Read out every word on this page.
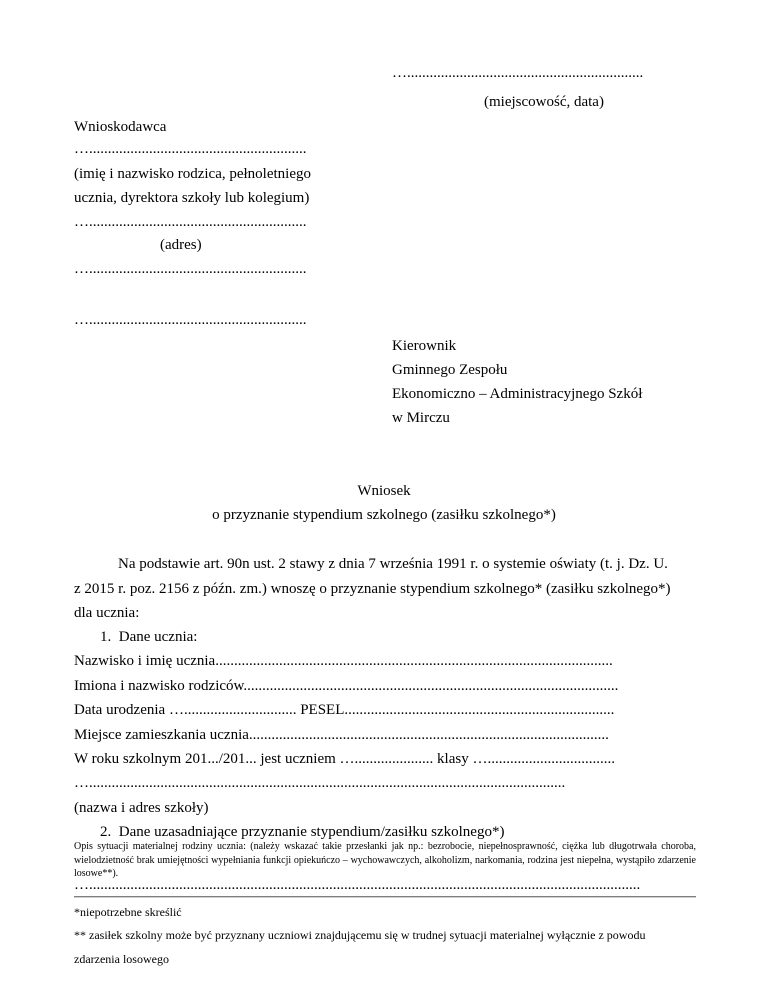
…...............................................................
(miejscowość, data)
Wnioskodawca
…..........................................................
(imię i nazwisko rodzica, pełnoletniego
ucznia, dyrektora szkoły lub kolegium)
…..........................................................
(adres)
…..........................................................
…..........................................................
Kierownik
Gminnego Zespołu
Ekonomiczno – Administracyjnego Szkół
w Mirczu
Wniosek
o przyznanie stypendium szkolnego (zasiłku szkolnego*)
Na podstawie art. 90n ust. 2 stawy z dnia 7 września 1991 r. o systemie oświaty (t. j. Dz. U.
z 2015 r. poz. 2156 z późn. zm.) wnoszę o przyznanie stypendium szkolnego* (zasiłku szkolnego*)
dla ucznia:
1.  Dane ucznia:
Nazwisko i imię ucznia..........................................................................................................
Imiona i nazwisko rodziców....................................................................................................
Data urodzenia ….............................. PESEL........................................................................
Miejsce zamieszkania ucznia................................................................................................
W roku szkolnym 201.../201... jest uczniem …..................... klasy …..................................
…...............................................................................................................................
(nazwa i adres szkoły)
2.  Dane uzasadniające przyznanie stypendium/zasiłku szkolnego*)
Opis sytuacji materialnej rodziny ucznia: (należy wskazać takie przesłanki jak np.: bezrobocie, niepełnosprawność, ciężka lub długotrwała choroba, wielodzietność brak umiejętności wypełniania funkcji opiekuńczo – wychowawczych, alkoholizm, narkomania, rodzina jest niepełna, wystąpiło zdarzenie losowe**).
…...................................................................................................................................................
*niepotrzebne skreślić
** zasiłek szkolny może być przyznany uczniowi znajdującemu się w trudnej sytuacji materialnej wyłącznie z powodu
zdarzenia losowego
